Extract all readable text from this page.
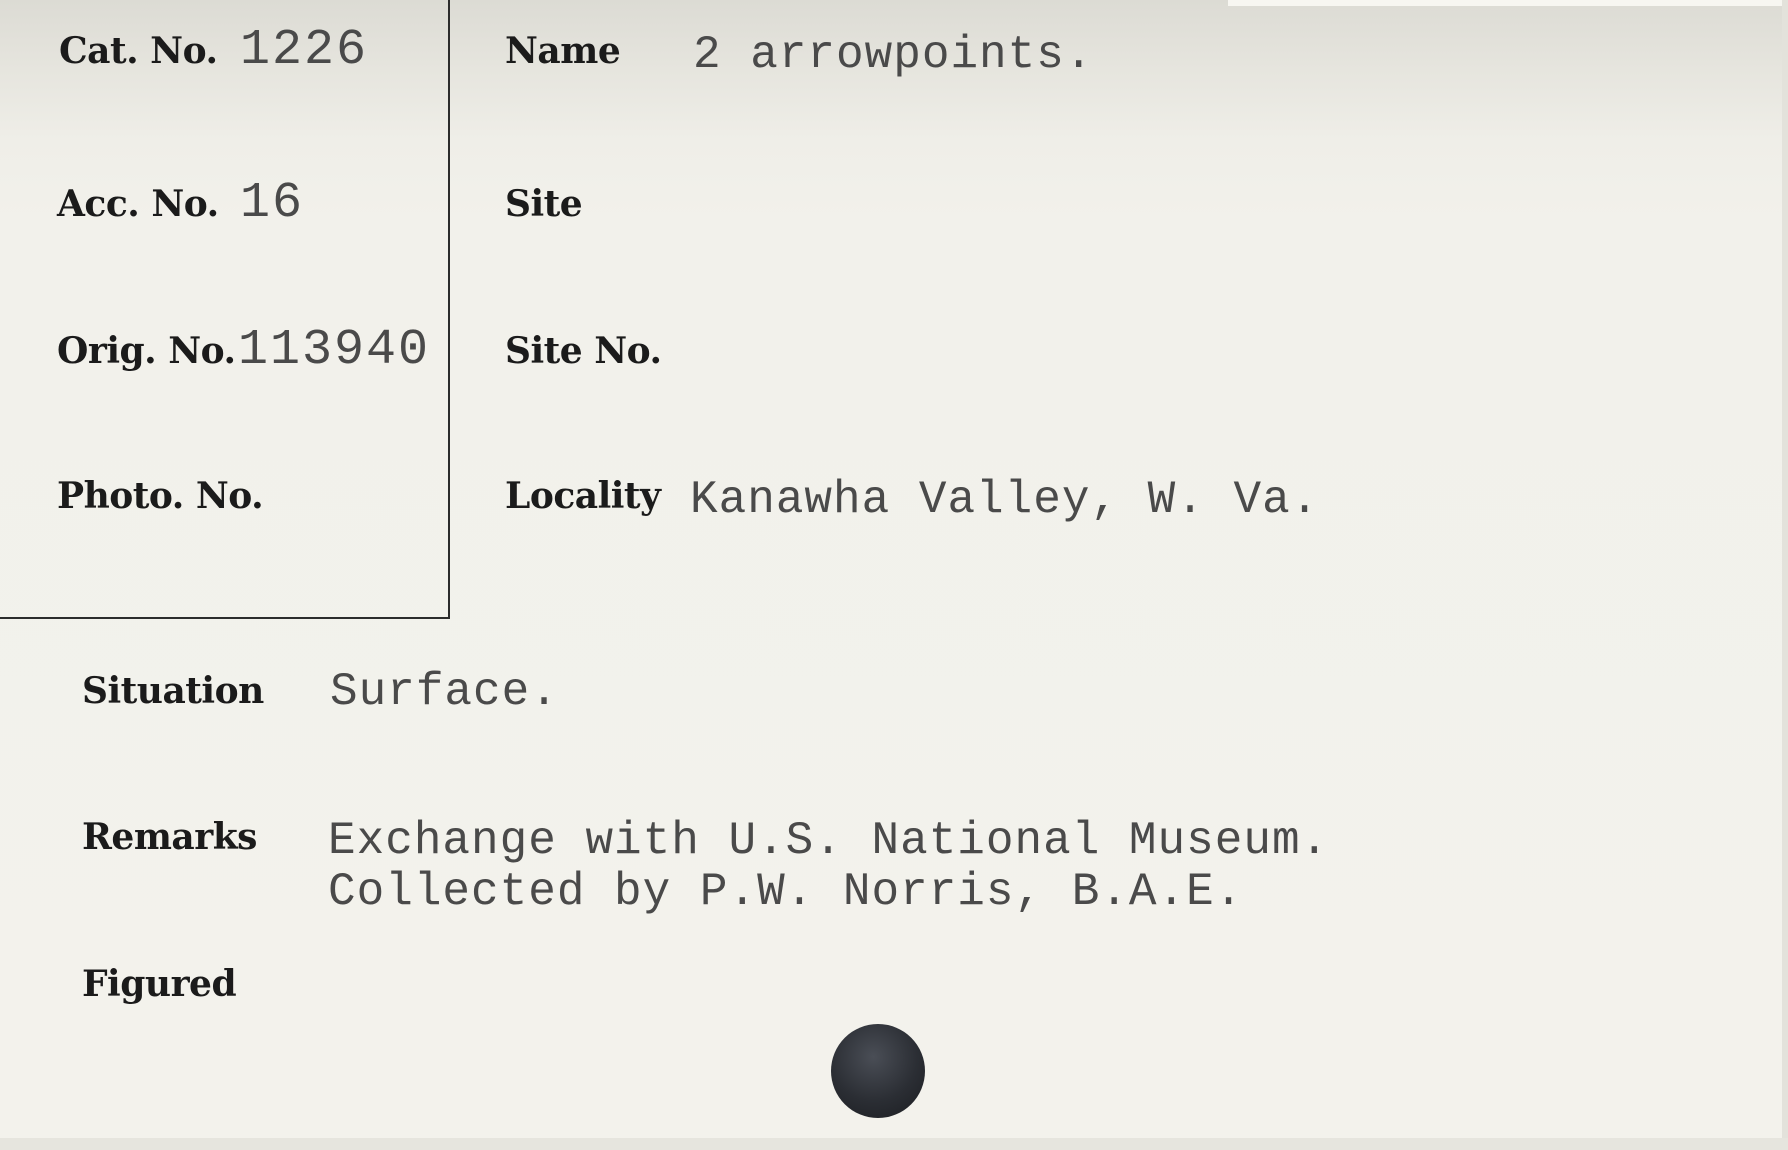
Cat. No. 1226
Acc. No. 16
Orig. No. 113940
Photo. No.
Name 2 arrowpoints.
Site
Site No.
Locality Kanawha Valley, W. Va.
Situation Surface.
Remarks Exchange with U.S. National Museum.
Collected by P.W. Norris, B.A.E.
Figured
